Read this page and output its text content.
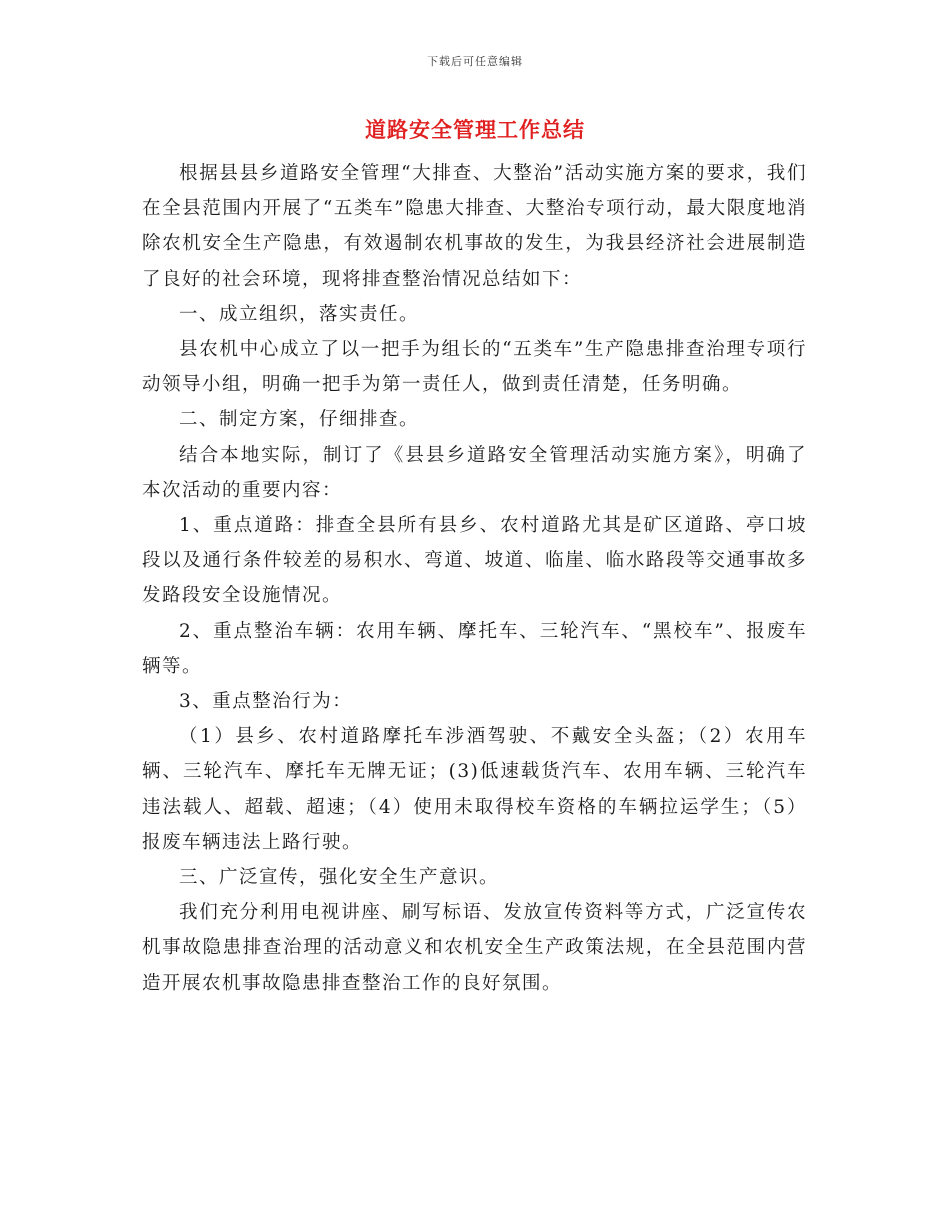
下载后可任意编辑
道路安全管理工作总结

根据县县乡道路安全管理“大排查、大整治”活动实施方案的要求，我们在全县范围内开展了“五类车”隐患大排查、大整治专项行动，最大限度地消除农机安全生产隐患，有效遏制农机事故的发生，为我县经济社会进展制造了良好的社会环境，现将排查整治情况总结如下：

一、成立组织，落实责任。

县农机中心成立了以一把手为组长的“五类车”生产隐患排查治理专项行动领导小组，明确一把手为第一责任人，做到责任清楚，任务明确。

二、制定方案，仔细排查。

结合本地实际，制订了《县县乡道路安全管理活动实施方案》，明确了本次活动的重要内容：

1、重点道路：排查全县所有县乡、农村道路尤其是矿区道路、亭口坡段以及通行条件较差的易积水、弯道、坡道、临崖、临水路段等交通事故多发路段安全设施情况。

2、重点整治车辆：农用车辆、摩托车、三轮汽车、“黑校车”、报废车辆等。

3、重点整治行为：

（1）县乡、农村道路摩托车涉酒驾驶、不戴安全头盔；（2）农用车辆、三轮汽车、摩托车无牌无证；(3)低速载货汽车、农用车辆、三轮汽车违法载人、超载、超速；（4）使用未取得校车资格的车辆拉运学生；（5）报废车辆违法上路行驶。

三、广泛宣传，强化安全生产意识。

我们充分利用电视讲座、刷写标语、发放宣传资料等方式，广泛宣传农机事故隐患排查治理的活动意义和农机安全生产政策法规，在全县范围内营造开展农机事故隐患排查整治工作的良好氛围。
